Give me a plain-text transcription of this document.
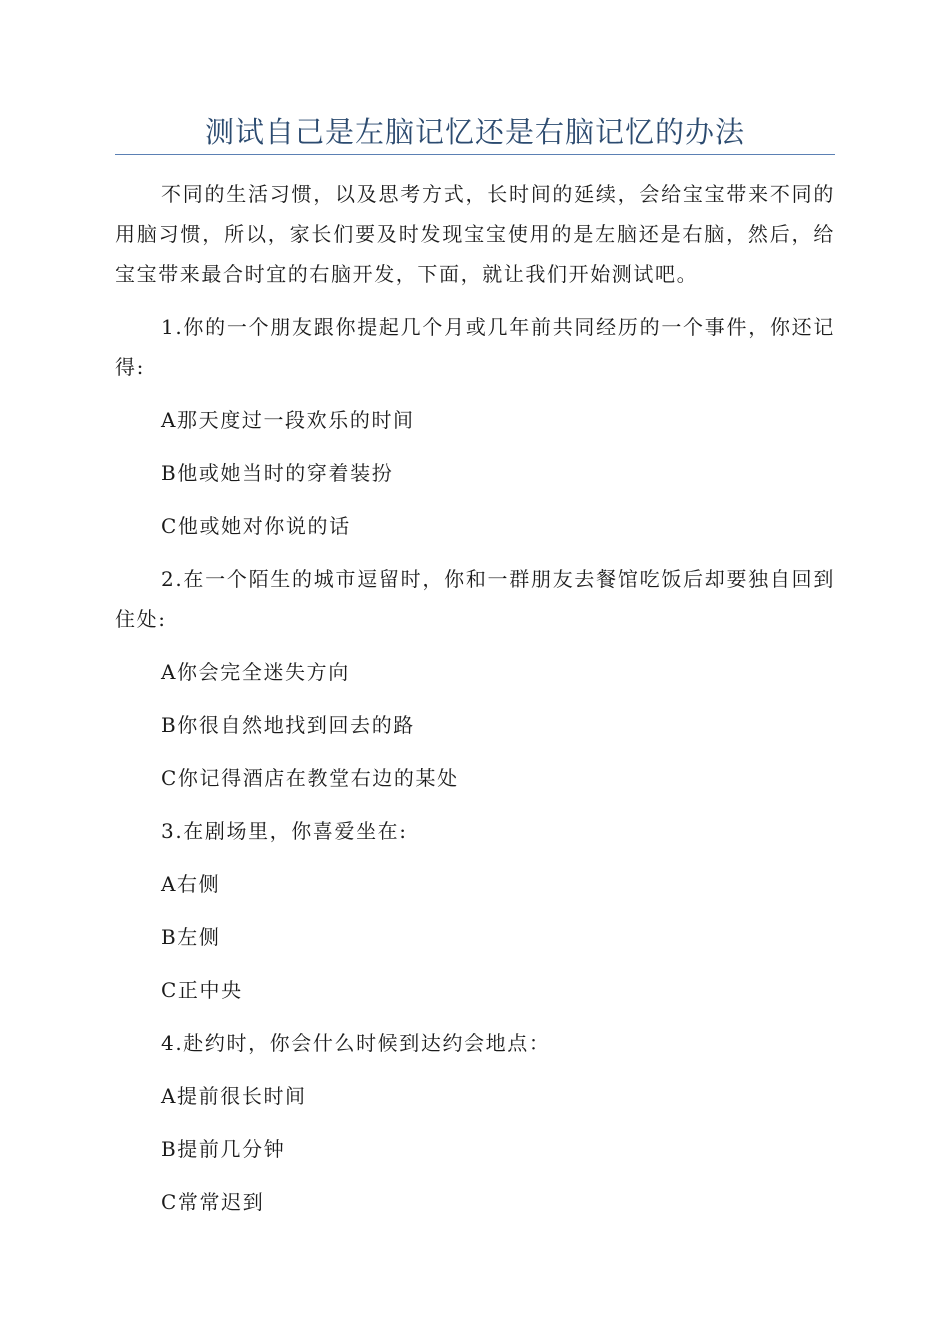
测试自己是左脑记忆还是右脑记忆的办法

不同的生活习惯，以及思考方式，长时间的延续，会给宝宝带来不同的用脑习惯，所以，家长们要及时发现宝宝使用的是左脑还是右脑，然后，给宝宝带来最合时宜的右脑开发，下面，就让我们开始测试吧。

1.你的一个朋友跟你提起几个月或几年前共同经历的一个事件，你还记得:

A那天度过一段欢乐的时间

B他或她当时的穿着装扮

C他或她对你说的话

2.在一个陌生的城市逗留时，你和一群朋友去餐馆吃饭后却要独自回到住处:

A你会完全迷失方向

B你很自然地找到回去的路

C你记得酒店在教堂右边的某处

3.在剧场里，你喜爱坐在:

A右侧

B左侧

C正中央

4.赴约时，你会什么时候到达约会地点：

A提前很长时间

B提前几分钟

C常常迟到
